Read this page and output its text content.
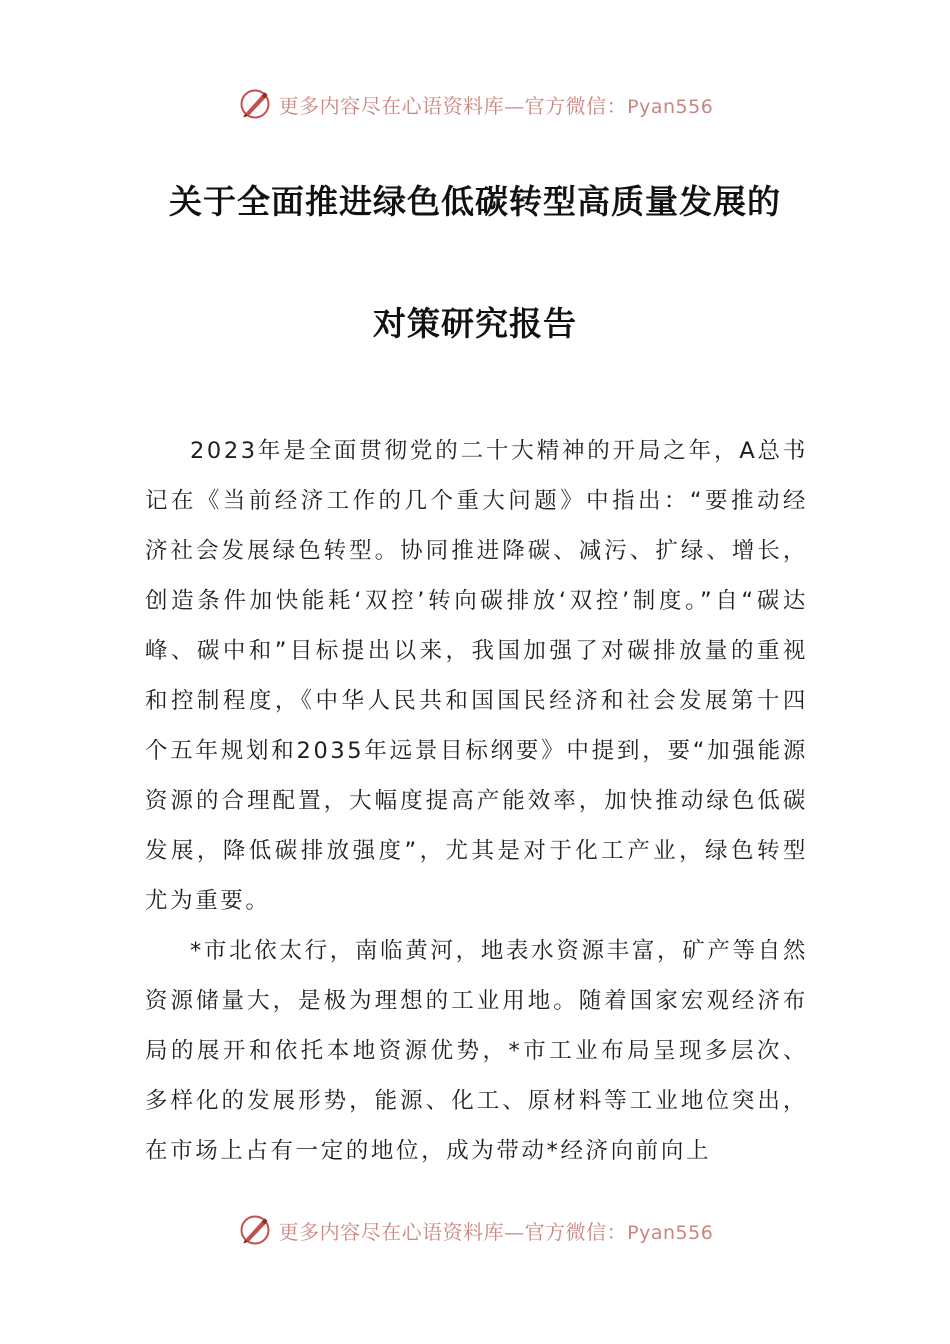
更多内容尽在心语资料库—官方微信：Pyan556
关于全面推进绿色低碳转型高质量发展的
对策研究报告

2023年是全面贯彻党的二十大精神的开局之年，A总书记在《当前经济工作的几个重大问题》中指出：“要推动经济社会发展绿色转型。协同推进降碳、减污、扩绿、增长，创造条件加快能耗‘双控’转向碳排放‘双控’制度。”自“碳达峰、碳中和”目标提出以来，我国加强了对碳排放量的重视和控制程度，《中华人民共和国国民经济和社会发展第十四个五年规划和2035年远景目标纲要》中提到，要“加强能源资源的合理配置，大幅度提高产能效率，加快推动绿色低碳发展，降低碳排放强度”，尤其是对于化工产业，绿色转型尤为重要。

*市北依太行，南临黄河，地表水资源丰富，矿产等自然资源储量大，是极为理想的工业用地。随着国家宏观经济布局的展开和依托本地资源优势，*市工业布局呈现多层次、多样化的发展形势，能源、化工、原材料等工业地位突出，在市场上占有一定的地位，成为带动*经济向前向上

更多内容尽在心语资料库—官方微信：Pyan556
